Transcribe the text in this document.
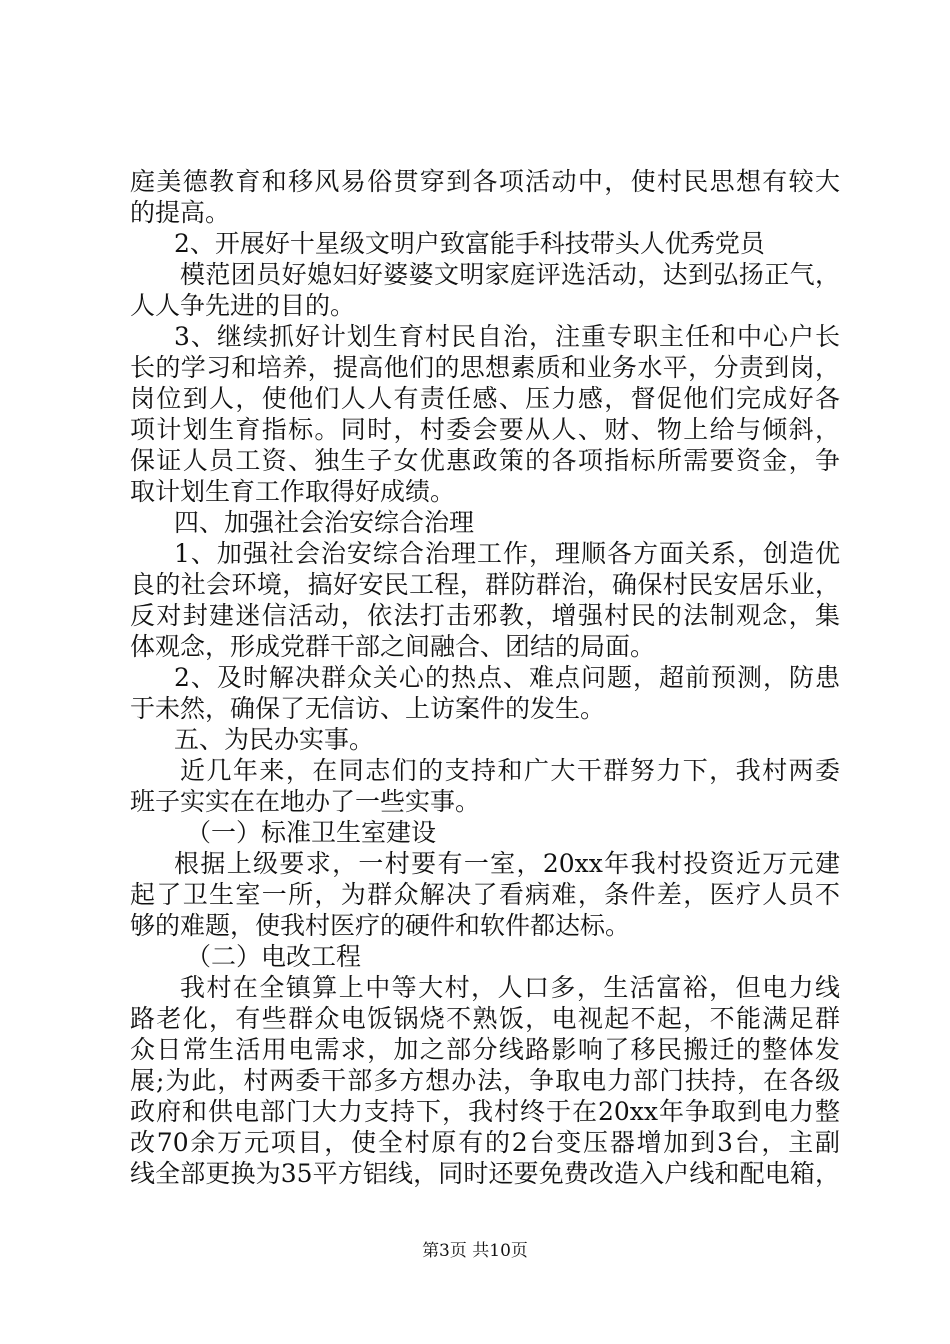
庭美德教育和移风易俗贯穿到各项活动中，使村民思想有较大
的提高。
2、开展好十星级文明户致富能手科技带头人优秀党员
模范团员好媳妇好婆婆文明家庭评选活动，达到弘扬正气，
人人争先进的目的。
3、继续抓好计划生育村民自治，注重专职主任和中心户长
长的学习和培养，提高他们的思想素质和业务水平，分责到岗，
岗位到人，使他们人人有责任感、压力感，督促他们完成好各
项计划生育指标。同时，村委会要从人、财、物上给与倾斜，
保证人员工资、独生子女优惠政策的各项指标所需要资金，争
取计划生育工作取得好成绩。
四、加强社会治安综合治理
1、加强社会治安综合治理工作，理顺各方面关系，创造优
良的社会环境，搞好安民工程，群防群治，确保村民安居乐业，
反对封建迷信活动，依法打击邪教，增强村民的法制观念，集
体观念，形成党群干部之间融合、团结的局面。
2、及时解决群众关心的热点、难点问题，超前预测，防患
于未然，确保了无信访、上访案件的发生。
五、为民办实事。
近几年来，在同志们的支持和广大干群努力下，我村两委
班子实实在在地办了一些实事。
（一）标准卫生室建设
根据上级要求，一村要有一室，20xx年我村投资近万元建
起了卫生室一所，为群众解决了看病难，条件差，医疗人员不
够的难题，使我村医疗的硬件和软件都达标。
（二）电改工程
我村在全镇算上中等大村，人口多，生活富裕，但电力线
路老化，有些群众电饭锅烧不熟饭，电视起不起，不能满足群
众日常生活用电需求，加之部分线路影响了移民搬迁的整体发
展;为此，村两委干部多方想办法，争取电力部门扶持，在各级
政府和供电部门大力支持下，我村终于在20xx年争取到电力整
改70余万元项目，使全村原有的2台变压器增加到3台，主副
线全部更换为35平方铝线，同时还要免费改造入户线和配电箱，
第3页 共10页
